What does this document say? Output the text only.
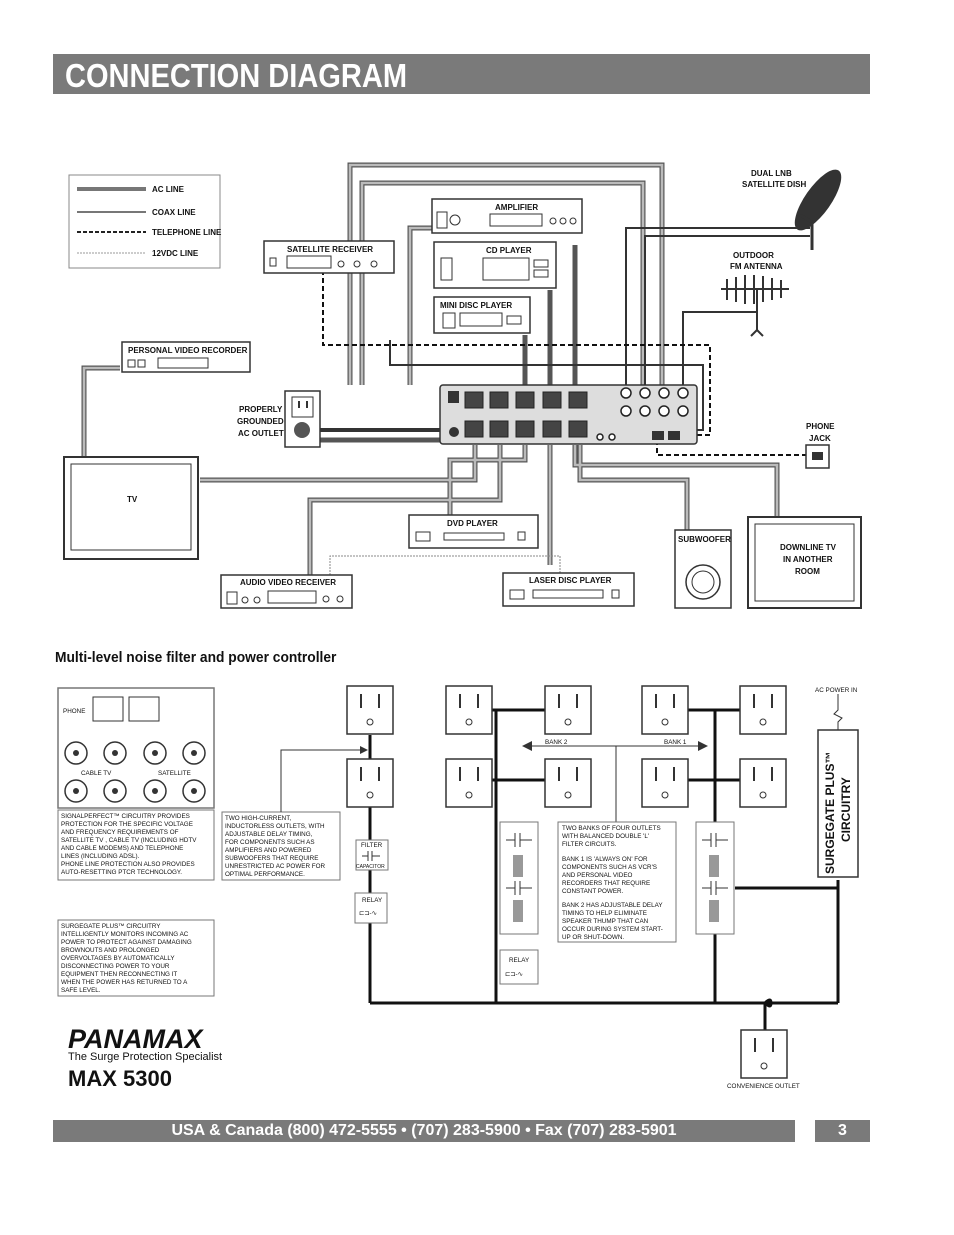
CONNECTION DIAGRAM
AC LINE
COAX LINE
TELEPHONE LINE
12VDC LINE
AMPLIFIER
CD PLAYER
MINI DISC PLAYER
SATELLITE RECEIVER
PERSONAL VIDEO RECORDER
TV
DVD PLAYER
AUDIO VIDEO RECEIVER	LASER DISC PLAYER
SUBWOOFER
DOWNLINE TV
IN ANOTHER
ROOM
DUAL LNB
SATELLITE DISH
OUTDOOR
FM ANTENNA
PHONE
JACK
PROPERLY
GROUNDED
AC OUTLET
PHONE
CABLE TV	SATELLITE
SIGNALPERFECT™ CIRCUITRY PROVIDES
PROTECTION FOR THE SPECIFIC VOLTAGE
AND FREQUENCY REQUIREMENTS OF
SATELLITE TV , CABLE TV (INCLUDING HDTV
AND CABLE MODEMS) AND TELEPHONE
LINES (INCLUDING ADSL).
PHONE LINE PROTECTION ALSO PROVIDES
AUTO-RESETTING PTCR TECHNOLOGY.
SURGEGATE PLUS™ CIRCUITRY
INTELLIGENTLY MONITORS INCOMING AC
POWER TO PROTECT AGAINST DAMAGING
BROWNOUTS AND PROLONGED
OVERVOLTAGES BY AUTOMATICALLY
DISCONNECTING POWER TO YOUR
EQUIPMENT THEN RECONNECTING IT
WHEN THE POWER HAS RETURNED TO A
SAFE LEVEL.
TWO HIGH-CURRENT,
INDUCTORLESS OUTLETS, WITH
ADJUSTABLE DELAY TIMING,
FOR COMPONENTS SUCH AS
AMPLIFIERS AND POWERED
SUBWOOFERS THAT REQUIRE
UNRESTRICTED AC POWER FOR
OPTIMAL PERFORMANCE.
AC POWER IN
BANK 2	BANK 1
CONVENIENCE OUTLET
FILTER
CAPACITOR
RELAY
⊏⊐-∿
RELAY
⊏⊐-∿
TWO BANKS OF FOUR OUTLETS
WITH BALANCED DOUBLE 'L'
FILTER CIRCUITS.
BANK 1 IS 'ALWAYS ON' FOR
COMPONENTS SUCH AS VCR'S
AND PERSONAL VIDEO
RECORDERS THAT REQUIRE
CONSTANT POWER.
BANK 2 HAS ADJUSTABLE DELAY
TIMING TO HELP ELIMINATE
SPEAKER THUMP THAT CAN
OCCUR DURING SYSTEM START-
UP OR SHUT-DOWN.
SURGEGATE PLUS™ CIRCUITRY
PANAMAX
The Surge Protection Specialist
MAX 5300
Multi-level noise filter and power controller
USA & Canada (800) 472-5555 • (707) 283-5900 • Fax (707) 283-5901	3
